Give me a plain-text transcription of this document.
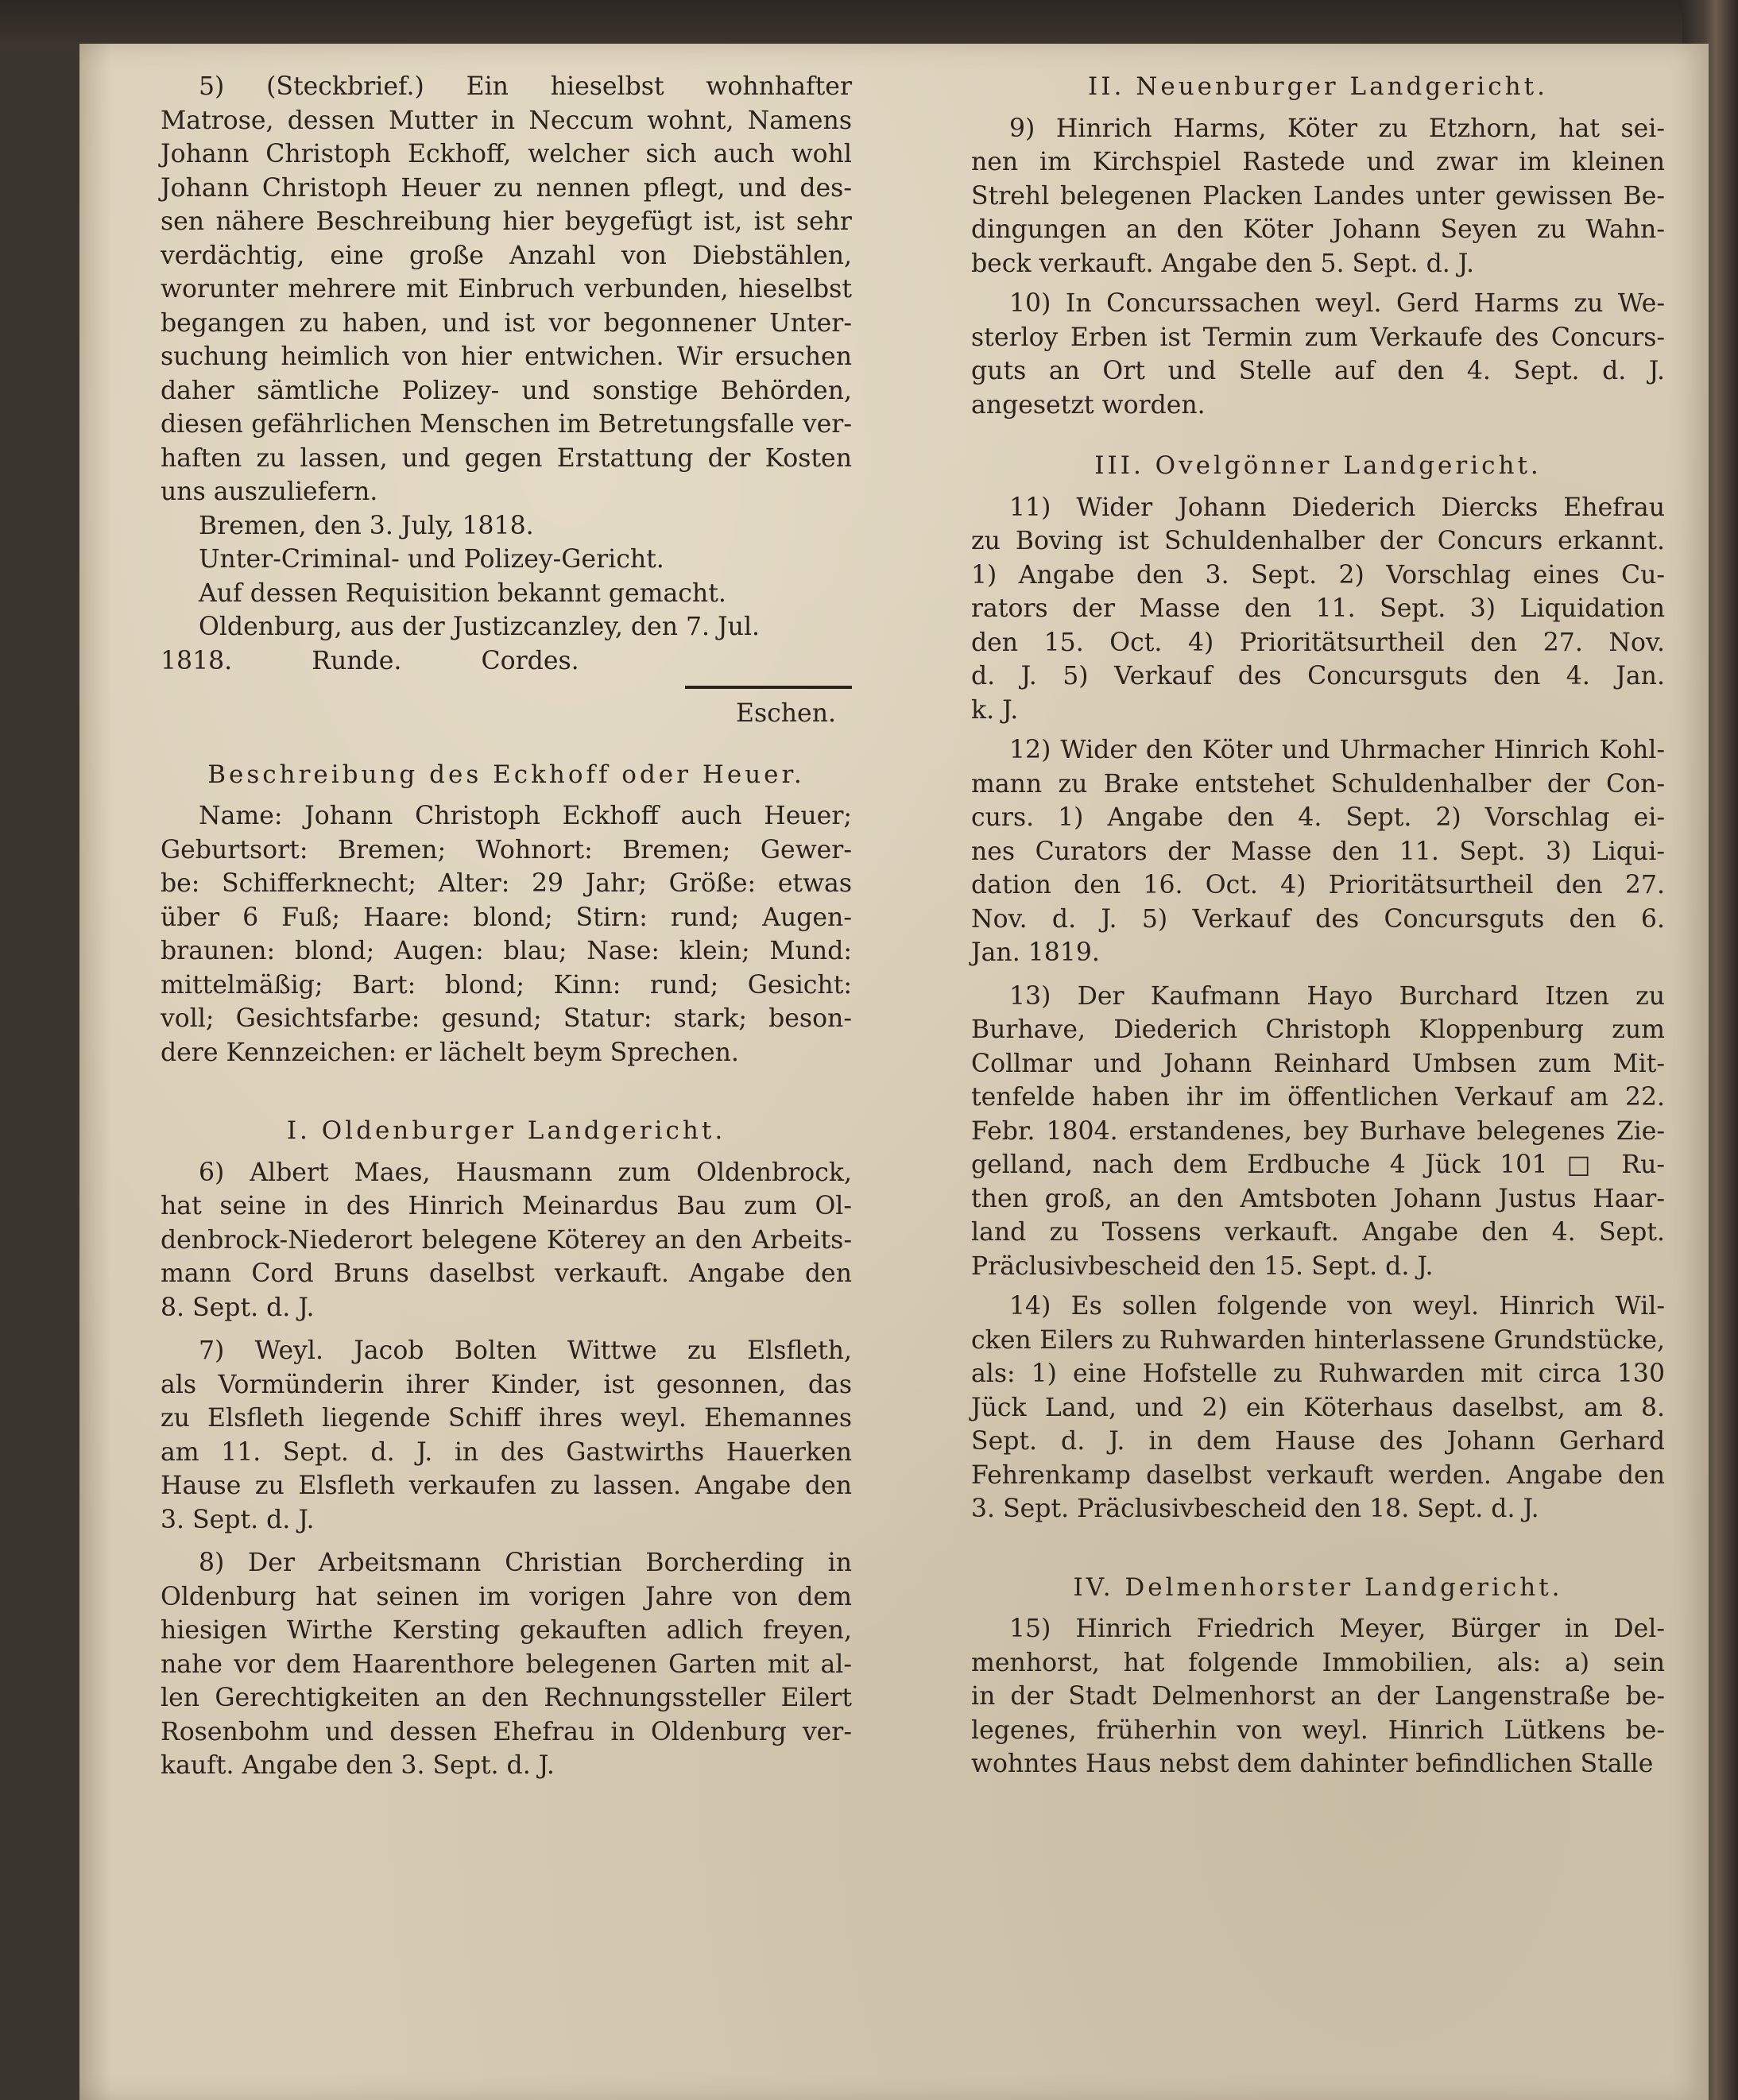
5) (Steckbrief.) Ein hieselbst wohnhafter

Matrose, dessen Mutter in Neccum wohnt, Namens

Johann Christoph Eckhoff, welcher sich auch wohl

Johann Christoph Heuer zu nennen pflegt, und des-

sen nähere Beschreibung hier beygefügt ist, ist sehr

verdächtig, eine große Anzahl von Diebstählen,

worunter mehrere mit Einbruch verbunden, hieselbst

begangen zu haben, und ist vor begonnener Unter-

suchung heimlich von hier entwichen. Wir ersuchen

daher sämtliche Polizey- und sonstige Behörden,

diesen gefährlichen Menschen im Betretungsfalle ver-

haften zu lassen, und gegen Erstattung der Kosten

uns auszuliefern.

Bremen, den 3. July, 1818.

Unter-Criminal- und Polizey-Gericht.

Auf dessen Requisition bekannt gemacht.

Oldenburg, aus der Justizcanzley, den 7. Jul.

1818.          Runde.          Cordes.

Eschen.

Beschreibung des Eckhoff oder Heuer.

Name: Johann Christoph Eckhoff auch Heuer;

Geburtsort: Bremen; Wohnort: Bremen; Gewer-

be: Schifferknecht; Alter: 29 Jahr; Größe: etwas

über 6 Fuß; Haare: blond; Stirn: rund; Augen-

braunen: blond; Augen: blau; Nase: klein; Mund:

mittelmäßig; Bart: blond; Kinn: rund; Gesicht:

voll; Gesichtsfarbe: gesund; Statur: stark; beson-

dere Kennzeichen: er lächelt beym Sprechen.

I. Oldenburger Landgericht.

6) Albert Maes, Hausmann zum Oldenbrock,

hat seine in des Hinrich Meinardus Bau zum Ol-

denbrock-Niederort belegene Köterey an den Arbeits-

mann Cord Bruns daselbst verkauft. Angabe den

8. Sept. d. J.

7) Weyl. Jacob Bolten Wittwe zu Elsfleth,

als Vormünderin ihrer Kinder, ist gesonnen, das

zu Elsfleth liegende Schiff ihres weyl. Ehemannes

am 11. Sept. d. J. in des Gastwirths Hauerken

Hause zu Elsfleth verkaufen zu lassen. Angabe den

3. Sept. d. J.

8) Der Arbeitsmann Christian Borcherding in

Oldenburg hat seinen im vorigen Jahre von dem

hiesigen Wirthe Kersting gekauften adlich freyen,

nahe vor dem Haarenthore belegenen Garten mit al-

len Gerechtigkeiten an den Rechnungssteller Eilert

Rosenbohm und dessen Ehefrau in Oldenburg ver-

kauft. Angabe den 3. Sept. d. J.

II. Neuenburger Landgericht.

9) Hinrich Harms, Köter zu Etzhorn, hat sei-

nen im Kirchspiel Rastede und zwar im kleinen

Strehl belegenen Placken Landes unter gewissen Be-

dingungen an den Köter Johann Seyen zu Wahn-

beck verkauft. Angabe den 5. Sept. d. J.

10) In Concurssachen weyl. Gerd Harms zu We-

sterloy Erben ist Termin zum Verkaufe des Concurs-

guts an Ort und Stelle auf den 4. Sept. d. J.

angesetzt worden.

III. Ovelgönner Landgericht.

11) Wider Johann Diederich Diercks Ehefrau

zu Boving ist Schuldenhalber der Concurs erkannt.

1) Angabe den 3. Sept. 2) Vorschlag eines Cu-

rators der Masse den 11. Sept. 3) Liquidation

den 15. Oct. 4) Prioritätsurtheil den 27. Nov.

d. J. 5) Verkauf des Concursguts den 4. Jan.

k. J.

12) Wider den Köter und Uhrmacher Hinrich Kohl-

mann zu Brake entstehet Schuldenhalber der Con-

curs. 1) Angabe den 4. Sept. 2) Vorschlag ei-

nes Curators der Masse den 11. Sept. 3) Liqui-

dation den 16. Oct. 4) Prioritätsurtheil den 27.

Nov. d. J. 5) Verkauf des Concursguts den 6.

Jan. 1819.

13) Der Kaufmann Hayo Burchard Itzen zu

Burhave, Diederich Christoph Kloppenburg zum

Collmar und Johann Reinhard Umbsen zum Mit-

tenfelde haben ihr im öffentlichen Verkauf am 22.

Febr. 1804. erstandenes, bey Burhave belegenes Zie-

gelland, nach dem Erdbuche 4 Jück 101 □ Ru-

then groß, an den Amtsboten Johann Justus Haar-

land zu Tossens verkauft. Angabe den 4. Sept.

Präclusivbescheid den 15. Sept. d. J.

14) Es sollen folgende von weyl. Hinrich Wil-

cken Eilers zu Ruhwarden hinterlassene Grundstücke,

als: 1) eine Hofstelle zu Ruhwarden mit circa 130

Jück Land, und 2) ein Köterhaus daselbst, am 8.

Sept. d. J. in dem Hause des Johann Gerhard

Fehrenkamp daselbst verkauft werden. Angabe den

3. Sept. Präclusivbescheid den 18. Sept. d. J.

IV. Delmenhorster Landgericht.

15) Hinrich Friedrich Meyer, Bürger in Del-

menhorst, hat folgende Immobilien, als: a) sein

in der Stadt Delmenhorst an der Langenstraße be-

legenes, früherhin von weyl. Hinrich Lütkens be-

wohntes Haus nebst dem dahinter befindlichen Stalle
